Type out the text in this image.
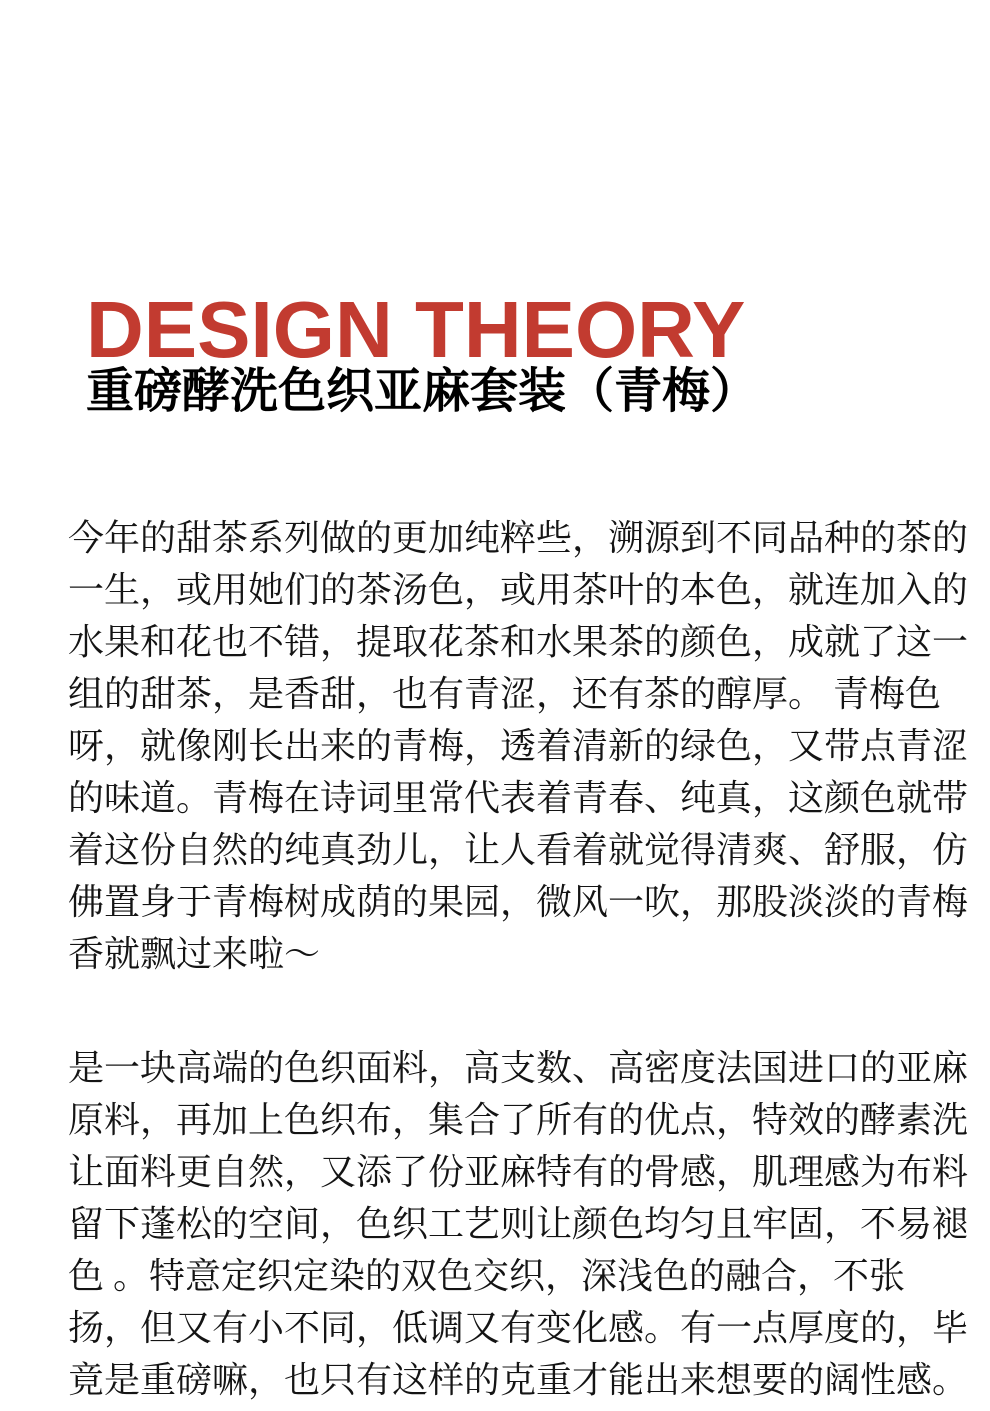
DESIGN THEORY
重磅酵洗色织亚麻套装（青梅）
今年的甜茶系列做的更加纯粹些，溯源到不同品种的茶的
一生，或用她们的茶汤色，或用茶叶的本色，就连加入的
水果和花也不错，提取花茶和水果茶的颜色，成就了这一
组的甜茶，是香甜，也有青涩，还有茶的醇厚。 青梅色
呀，就像刚长出来的青梅，透着清新的绿色，又带点青涩
的味道。青梅在诗词里常代表着青春、纯真，这颜色就带
着这份自然的纯真劲儿，让人看着就觉得清爽、舒服，仿
佛置身于青梅树成荫的果园，微风一吹，那股淡淡的青梅
香就飘过来啦～
是一块高端的色织面料，高支数、高密度法国进口的亚麻
原料，再加上色织布，集合了所有的优点，特效的酵素洗
让面料更自然，又添了份亚麻特有的骨感，肌理感为布料
留下蓬松的空间，色织工艺则让颜色均匀且牢固，不易褪
色 。特意定织定染的双色交织，深浅色的融合，不张
扬，但又有小不同，低调又有变化感。有一点厚度的，毕
竟是重磅嘛，也只有这样的克重才能出来想要的阔性感。
